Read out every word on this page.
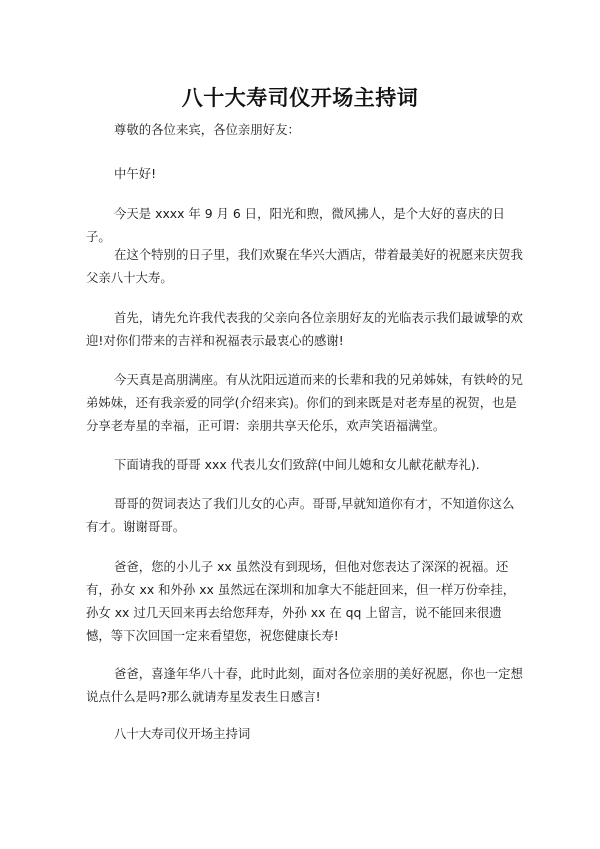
八十大寿司仪开场主持词

尊敬的各位来宾，各位亲朋好友：

中午好!

今天是 xxxx 年 9 月 6 日，阳光和煦，微风拂人，是个大好的喜庆的日子。

在这个特别的日子里，我们欢聚在华兴大酒店，带着最美好的祝愿来庆贺我父亲八十大寿。

首先，请先允许我代表我的父亲向各位亲朋好友的光临表示我们最诚挚的欢迎!对你们带来的吉祥和祝福表示最衷心的感谢!

今天真是高朋满座。有从沈阳远道而来的长辈和我的兄弟姊妹，有铁岭的兄弟姊妹，还有我亲爱的同学(介绍来宾)。你们的到来既是对老寿星的祝贺，也是分享老寿星的幸福，正可谓：亲朋共享天伦乐，欢声笑语福满堂。

下面请我的哥哥 xxx 代表儿女们致辞(中间儿媳和女儿献花献寿礼).

哥哥的贺词表达了我们儿女的心声。哥哥,早就知道你有才，不知道你这么有才。谢谢哥哥。

爸爸，您的小儿子 xx 虽然没有到现场，但他对您表达了深深的祝福。还有，孙女 xx 和外孙 xx 虽然远在深圳和加拿大不能赶回来，但一样万份牵挂，孙女 xx 过几天回来再去给您拜寿，外孙 xx 在 qq 上留言，说不能回来很遗憾，等下次回国一定来看望您，祝您健康长寿!

爸爸，喜逢年华八十春，此时此刻，面对各位亲朋的美好祝愿，你也一定想说点什么是吗?那么就请寿星发表生日感言!

八十大寿司仪开场主持词
